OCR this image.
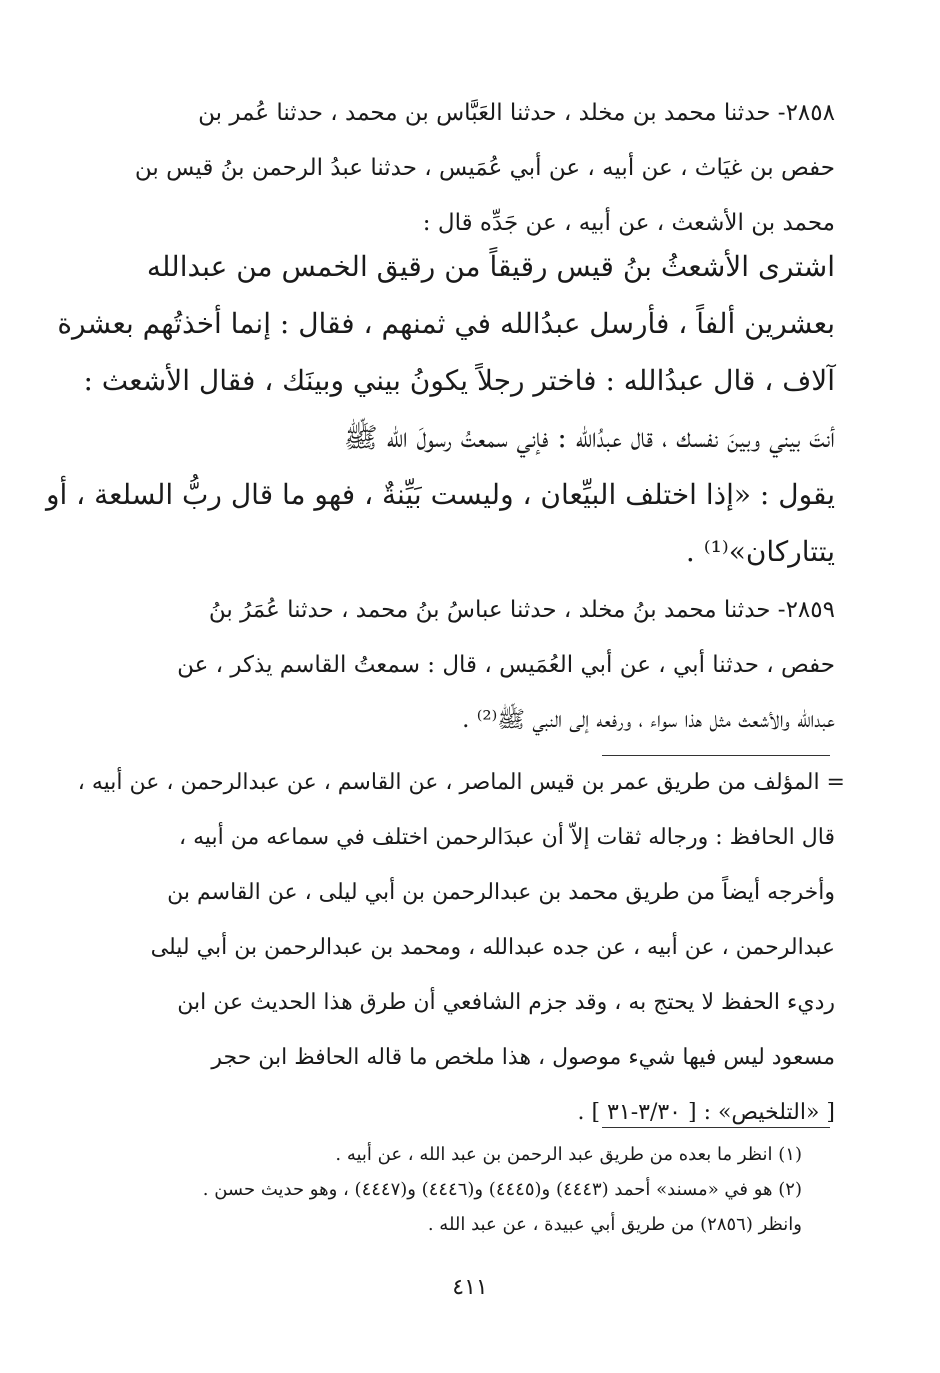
٢٨٥٨- حدثنا محمد بن مخلد ، حدثنا العَبَّاس بن محمد ، حدثنا عُمر بن
حفص بن غيَاث ، عن أبيه ، عن أبي عُمَيس ، حدثنا عبدُ الرحمن بنُ قيس بن
محمد بن الأشعث ، عن أبيه ، عن جَدِّه قال :
اشترى الأشعثُ بنُ قيس رقيقاً من رقيق الخمس من عبدالله
بعشرين ألفاً ، فأرسل عبدُالله في ثمنهم ، فقال : إنما أخذتُهم بعشرة
آلاف ، قال عبدُالله : فاختر رجلاً يكونُ بيني وبينَك ، فقال الأشعث :
أنتَ بيني وبينَ نفسك ، قال عبدُالله : فإني سمعتُ رسولَ الله ﷺ
يقول : «إذا اختلف البيِّعان ، وليست بَيِّنةٌ ، فهو ما قال ربُّ السلعة ، أو
يتتاركان»⁽¹⁾ .
٢٨٥٩- حدثنا محمد بنُ مخلد ، حدثنا عباسُ بنُ محمد ، حدثنا عُمَرُ بنُ
حفص ، حدثنا أبي ، عن أبي العُمَيس ، قال : سمعتُ القاسم يذكر ، عن
عبدالله والأشعث مثل هذا سواء ، ورفعه إلى النبي ﷺ⁽²⁾ .
= المؤلف من طريق عمر بن قيس الماصر ، عن القاسم ، عن عبدالرحمن ، عن أبيه ،
قال الحافظ : ورجاله ثقات إلاّ أن عبدَالرحمن اختلف في سماعه من أبيه ،
وأخرجه أيضاً من طريق محمد بن عبدالرحمن بن أبي ليلى ، عن القاسم بن
عبدالرحمن ، عن أبيه ، عن جده عبدالله ، ومحمد بن عبدالرحمن بن أبي ليلى
رديء الحفظ لا يحتج به ، وقد جزم الشافعي أن طرق هذا الحديث عن ابن
مسعود ليس فيها شيء موصول ، هذا ملخص ما قاله الحافظ ابن حجر
[ «التلخيص» : [ ٣/٣٠-٣١ ] .
(١) انظر ما بعده من طريق عبد الرحمن بن عبد الله ، عن أبيه .
(٢) هو في «مسند» أحمد (٤٤٤٣) و(٤٤٤٥) و(٤٤٤٦) و(٤٤٤٧) ، وهو حديث حسن .
وانظر (٢٨٥٦) من طريق أبي عبيدة ، عن عبد الله .
٤١١
